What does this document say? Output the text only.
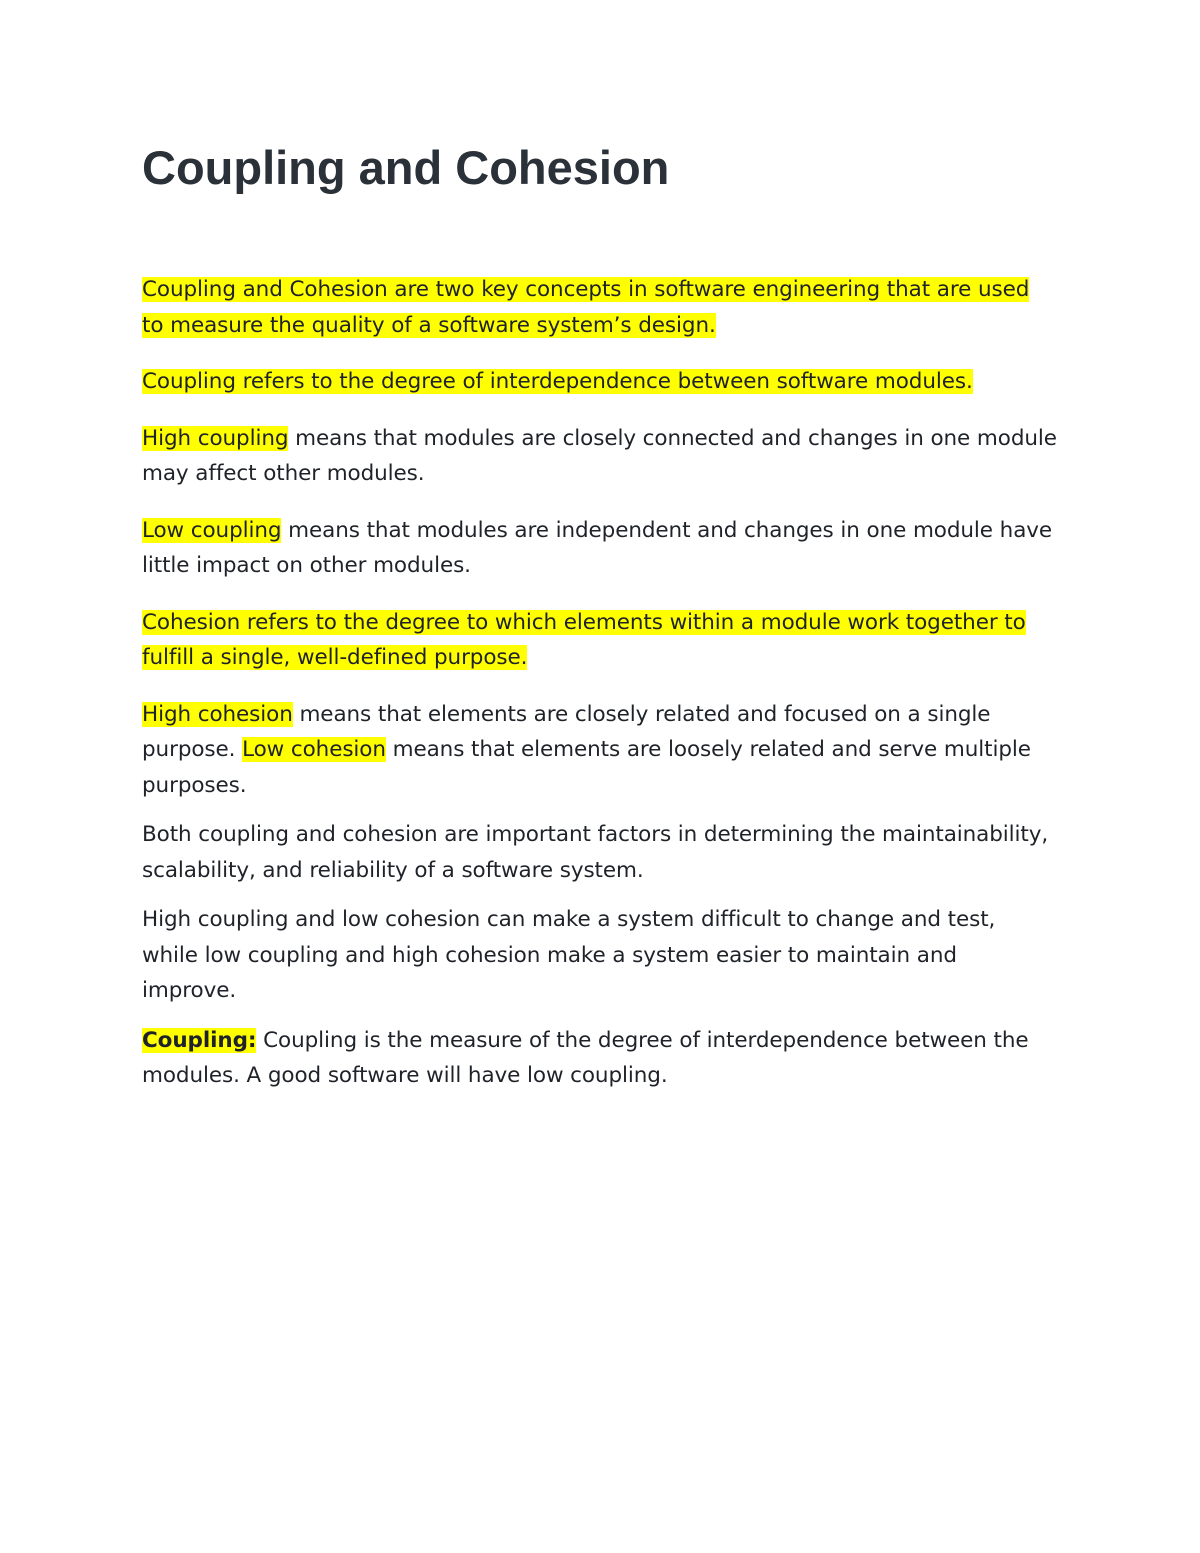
Coupling and Cohesion

Coupling and Cohesion are two key concepts in software engineering that are used to measure the quality of a software system’s design.

Coupling refers to the degree of interdependence between software modules.

High coupling means that modules are closely connected and changes in one module may affect other modules.

Low coupling means that modules are independent and changes in one module have little impact on other modules.

Cohesion refers to the degree to which elements within a module work together to fulfill a single, well-defined purpose.

High cohesion means that elements are closely related and focused on a single purpose. Low cohesion means that elements are loosely related and serve multiple purposes.

Both coupling and cohesion are important factors in determining the maintainability, scalability, and reliability of a software system.

High coupling and low cohesion can make a system difficult to change and test, while low coupling and high cohesion make a system easier to maintain and improve.

Coupling: Coupling is the measure of the degree of interdependence between the modules. A good software will have low coupling.
